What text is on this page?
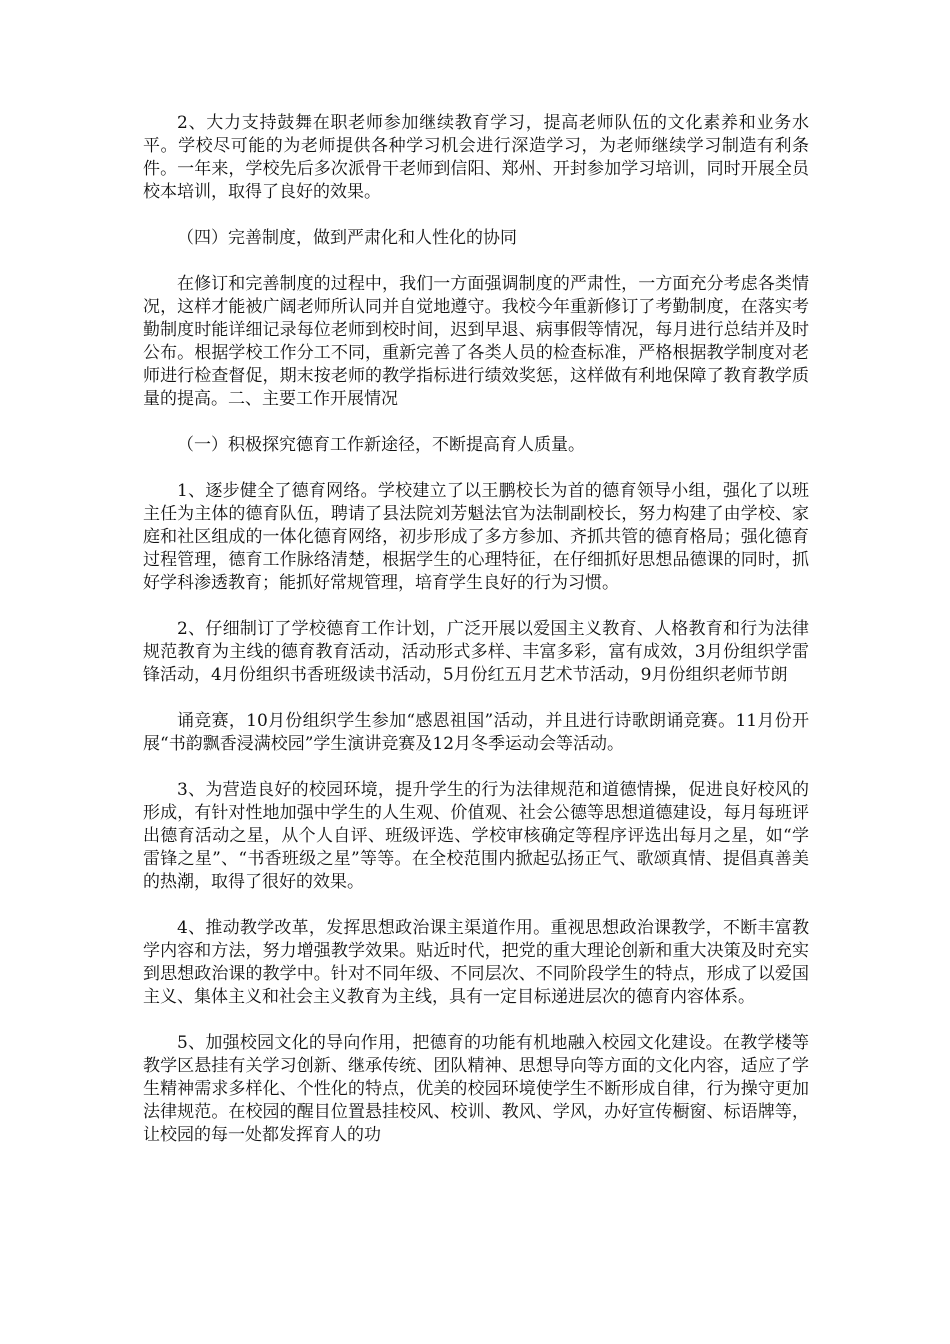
2、大力支持鼓舞在职老师参加继续教育学习，提高老师队伍的文化素养和业务水平。学校尽可能的为老师提供各种学习机会进行深造学习，为老师继续学习制造有利条件。一年来，学校先后多次派骨干老师到信阳、郑州、开封参加学习培训，同时开展全员校本培训，取得了良好的效果。

（四）完善制度，做到严肃化和人性化的协同

在修订和完善制度的过程中，我们一方面强调制度的严肃性，一方面充分考虑各类情况，这样才能被广阔老师所认同并自觉地遵守。我校今年重新修订了考勤制度，在落实考勤制度时能详细记录每位老师到校时间，迟到早退、病事假等情况，每月进行总结并及时公布。根据学校工作分工不同，重新完善了各类人员的检查标准，严格根据教学制度对老师进行检查督促，期末按老师的教学指标进行绩效奖惩，这样做有利地保障了教育教学质量的提高。二、主要工作开展情况

（一）积极探究德育工作新途径，不断提高育人质量。

1、逐步健全了德育网络。学校建立了以王鹏校长为首的德育领导小组，强化了以班主任为主体的德育队伍，聘请了县法院刘芳魁法官为法制副校长，努力构建了由学校、家庭和社区组成的一体化德育网络，初步形成了多方参加、齐抓共管的德育格局；强化德育过程管理，德育工作脉络清楚，根据学生的心理特征，在仔细抓好思想品德课的同时，抓好学科渗透教育；能抓好常规管理，培育学生良好的行为习惯。

2、仔细制订了学校德育工作计划，广泛开展以爱国主义教育、人格教育和行为法律规范教育为主线的德育教育活动，活动形式多样、丰富多彩，富有成效，3月份组织学雷锋活动，4月份组织书香班级读书活动，5月份红五月艺术节活动，9月份组织老师节朗

诵竞赛，10月份组织学生参加“感恩祖国”活动，并且进行诗歌朗诵竞赛。11月份开展“书韵飘香浸满校园”学生演讲竞赛及12月冬季运动会等活动。

3、为营造良好的校园环境，提升学生的行为法律规范和道德情操，促进良好校风的形成，有针对性地加强中学生的人生观、价值观、社会公德等思想道德建设，每月每班评出德育活动之星，从个人自评、班级评选、学校审核确定等程序评选出每月之星，如“学雷锋之星”、“书香班级之星”等等。在全校范围内掀起弘扬正气、歌颂真情、提倡真善美的热潮，取得了很好的效果。

4、推动教学改革，发挥思想政治课主渠道作用。重视思想政治课教学，不断丰富教学内容和方法，努力增强教学效果。贴近时代，把党的重大理论创新和重大决策及时充实到思想政治课的教学中。针对不同年级、不同层次、不同阶段学生的特点，形成了以爱国主义、集体主义和社会主义教育为主线，具有一定目标递进层次的德育内容体系。

5、加强校园文化的导向作用，把德育的功能有机地融入校园文化建设。在教学楼等教学区悬挂有关学习创新、继承传统、团队精神、思想导向等方面的文化内容，适应了学生精神需求多样化、个性化的特点，优美的校园环境使学生不断形成自律，行为操守更加法律规范。在校园的醒目位置悬挂校风、校训、教风、学风，办好宣传橱窗、标语牌等，让校园的每一处都发挥育人的功
